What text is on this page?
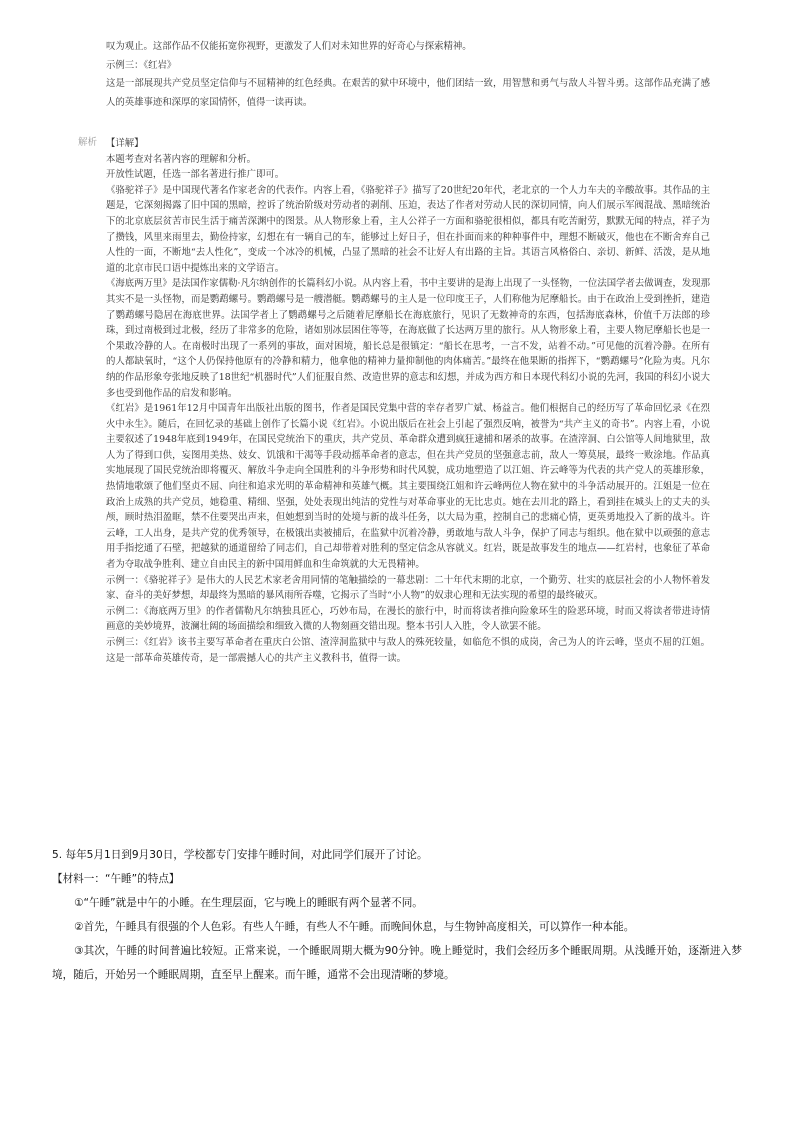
叹为观止。这部作品不仅能拓宽你视野，更激发了人们对未知世界的好奇心与探索精神。

示例三：《红岩》

这是一部展现共产党员坚定信仰与不屈精神的红色经典。在艰苦的狱中环境中，他们团结一致，用智慧和勇气与敌人斗智斗勇。这部作品充满了感人的英雄事迹和深厚的家国情怀，值得一读再读。

解析 【详解】

本题考查对名著内容的理解和分析。

开放性试题，任选一部名著进行推广即可。

《骆驼祥子》是中国现代著名作家老舍的代表作。内容上看，《骆驼祥子》描写了20世纪20年代，老北京的一个人力车夫的辛酸故事。其作品的主题是，它深刻揭露了旧中国的黑暗，控诉了统治阶级对劳动者的剥削、压迫，表达了作者对劳动人民的深切同情，向人们展示军阀混战、黑暗统治下的北京底层贫苦市民生活于痛苦深渊中的图景。从人物形象上看，主人公祥子一方面和骆驼很相似，都具有吃苦耐劳，默默无闻的特点，祥子为了攒钱，风里来雨里去，勤俭持家，幻想在有一辆自己的车，能够过上好日子，但在扑面而来的种种事件中，理想不断破灭，他也在不断舍弃自己人性的一面，不断地“去人性化”，变成一个冰冷的机械，凸显了黑暗的社会不让好人有出路的主旨。其语言风格俗白、亲切、新鲜、活泼，是从地道的北京市民口语中提炼出来的文学语言。

《海底两万里》是法国作家儒勒·凡尔纳创作的长篇科幻小说。从内容上看，书中主要讲的是海上出现了一头怪物，一位法国学者去做调查，发现那其实不是一头怪物，而是鹦鹉螺号。鹦鹉螺号是一艘潜艇。鹦鹉螺号的主人是一位印度王子，人们称他为尼摩船长。由于在政治上受到挫折，建造了鹦鹉螺号隐居在海底世界。法国学者上了鹦鹉螺号之后随着尼摩船长在海底旅行，见识了无数神奇的东西，包括海底森林，价值千万法郎的珍珠，到过南极到过北极，经历了非常多的危险，诸如别冰层困住等等，在海底做了长达两万里的旅行。从人物形象上看，主要人物尼摩船长也是一个果敢冷静的人。在南极时出现了一系列的事故，面对困境，船长总是很镇定：“船长在思考，一言不发，站着不动。”可见他的沉着冷静。在所有的人都缺氧时，“这个人仍保持他原有的冷静和精力，他拿他的精神力量抑制他的肉体痛苦。”最终在他果断的指挥下，“鹦鹉螺号”化险为夷。凡尔纳的作品形象夸张地反映了18世纪“机器时代”人们征服自然、改造世界的意志和幻想，并成为西方和日本现代科幻小说的先河，我国的科幻小说大多也受到他作品的启发和影响。

《红岩》是1961年12月中国青年出版社出版的图书，作者是国民党集中营的幸存者罗广斌、杨益言。他们根据自己的经历写了革命回忆录《在烈火中永生》。随后，在回忆录的基础上创作了长篇小说《红岩》。小说出版后在社会上引起了强烈反响，被誉为“共产主义的奇书”。内容上看，小说主要叙述了1948年底到1949年，在国民党统治下的重庆，共产党员、革命群众遭到疯狂逮捕和屠杀的故事。在渣滓洞、白公馆等人间地狱里，敌人为了得到口供，妄图用美热、妓女、饥饿和干渴等手段动摇革命者的意志，但在共产党员的坚强意志前，敌人一筹莫展，最终一败涂地。作品真实地展现了国民党统治即将覆灭、解放斗争走向全国胜利的斗争形势和时代风貌，成功地塑造了以江姐、许云峰等为代表的共产党人的英雄形象，热情地歌颂了他们坚贞不屈、向往和追求光明的革命精神和英雄气概。其主要围绕江姐和许云峰两位人物在狱中的斗争活动展开的。江姐是一位在政治上成熟的共产党员，她稳重、精细、坚强，处处表现出纯洁的党性与对革命事业的无比忠贞。她在去川北的路上，看到挂在城头上的丈夫的头颅，顾时热泪盈眶，禁不住要哭出声来，但她想到当时的处境与新的战斗任务，以大局为重，控制自己的悲痛心情，更英勇地投入了新的战斗。许云峰，工人出身，是共产党的优秀领导，在极饿出卖被捕后，在监狱中沉着冷静，勇敢地与敌人斗争，保护了同志与组织。他在狱中以顽强的意志用手指挖通了石壁，把越狱的通道留给了同志们，自己却带着对胜利的坚定信念从容就义。红岩，既是故事发生的地点——红岩村，也象征了革命者为夺取战争胜利、建立自由民主的新中国用鲜血和生命筑就的大无畏精神。

示例一：《骆驼祥子》是伟大的人民艺术家老舍用同情的笔触描绘的一幕悲剧：二十年代末期的北京，一个勤劳、壮实的底层社会的小人物怀着发家、奋斗的美好梦想，却最终为黑暗的暴风雨所吞噬，它揭示了当时“小人物”的奴隶心理和无法实现的希望的最终破灭。

示例二：《海底两万里》的作者儒勒凡尔纳独具匠心，巧妙布局，在漫长的旅行中，时而将读者推向险象环生的险恶环境，时而又将读者带进诗情画意的美妙境界，波澜壮阔的场面描绘和细致入微的人物刻画交错出现。整本书引人入胜，令人欲罢不能。

示例三：《红岩》该书主要写革命者在重庆白公馆、渣滓洞监狱中与敌人的殊死较量，如临危不惧的成岗，舍己为人的许云峰，坚贞不屈的江姐。这是一部革命英雄传奇，是一部震撼人心的共产主义教科书，值得一读。

5. 每年5月1日到9月30日，学校都专门安排午睡时间，对此同学们展开了讨论。

【材料一：“午睡”的特点】

①“午睡”就是中午的小睡。在生理层面，它与晚上的睡眠有两个显著不同。

②首先，午睡具有很强的个人色彩。有些人午睡，有些人不午睡。而晚间休息，与生物钟高度相关，可以算作一种本能。

③其次，午睡的时间普遍比较短。正常来说，一个睡眠周期大概为90分钟。晚上睡觉时，我们会经历多个睡眠周期。从浅睡开始，逐渐进入梦境，随后，开始另一个睡眠周期，直至早上醒来。而午睡，通常不会出现清晰的梦境。
